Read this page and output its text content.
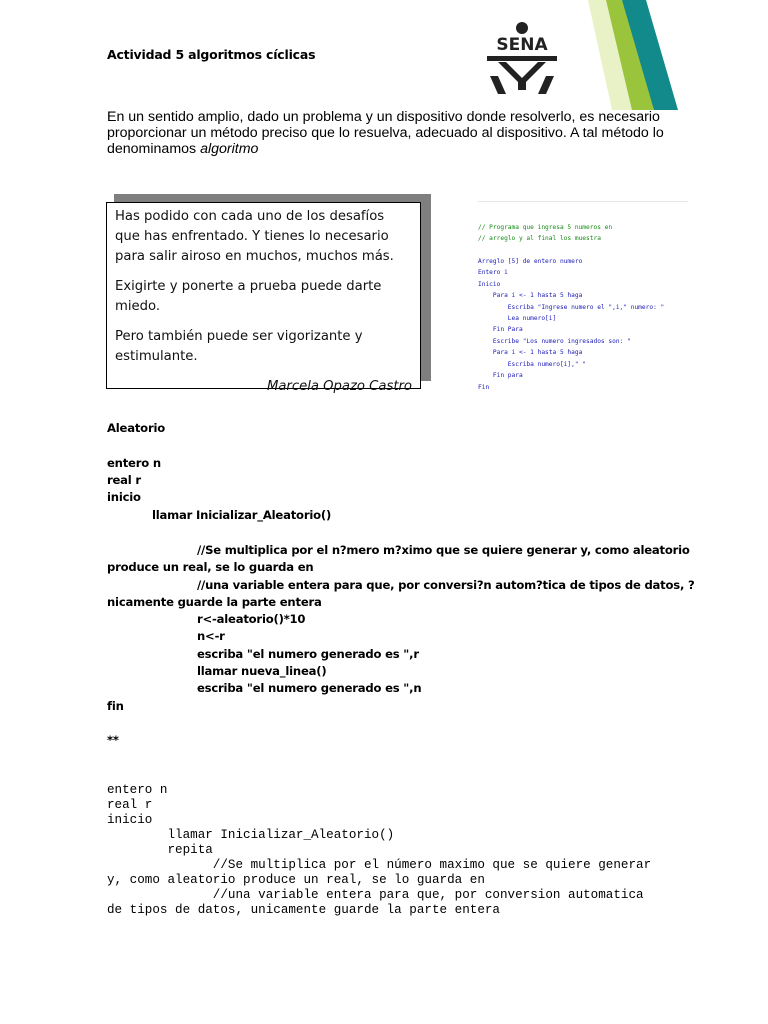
SENA
Actividad 5 algoritmos cíclicas

En un sentido amplio, dado un problema y un dispositivo donde resolverlo, es necesario proporcionar un método preciso que lo resuelva, adecuado al dispositivo. A tal método lo denominamos algoritmo

Has podido con cada uno de los desafíos que has enfrentado. Y tienes lo necesario para salir airoso en muchos, muchos más.

Exigirte y ponerte a prueba puede darte miedo.

Pero también puede ser vigorizante y estimulante.

Marcela Opazo Castro

// Programa que ingresa 5 numeros en
// arreglo y al final los muestra

Arreglo [5] de entero numero
Entero i
Inicio
Para i <- 1 hasta 5 haga
Escriba "Ingrese numero el ",i," numero: "
Lea numero[i]
Fin Para
Escribe "Los numero ingresados son: "
Para i <- 1 hasta 5 haga
Escriba numero[i]," "
Fin para
Fin
Aleatorio
entero n
real r
inicio
llamar Inicializar_Aleatorio()
//Se multiplica por el n?mero m?ximo que se quiere generar y, como aleatorio
produce un real, se lo guarda en
//una variable entera para que, por conversi?n autom?tica de tipos de datos, ?
nicamente guarde la parte entera
r<-aleatorio()*10
n<-r
escriba "el numero generado es ",r
llamar nueva_linea()
escriba "el numero generado es ",n
fin
**
entero n
real r
inicio
llamar Inicializar_Aleatorio()
repita
//Se multiplica por el número maximo que se quiere generar
y, como aleatorio produce un real, se lo guarda en
//una variable entera para que, por conversion automatica
de tipos de datos, unicamente guarde la parte entera
